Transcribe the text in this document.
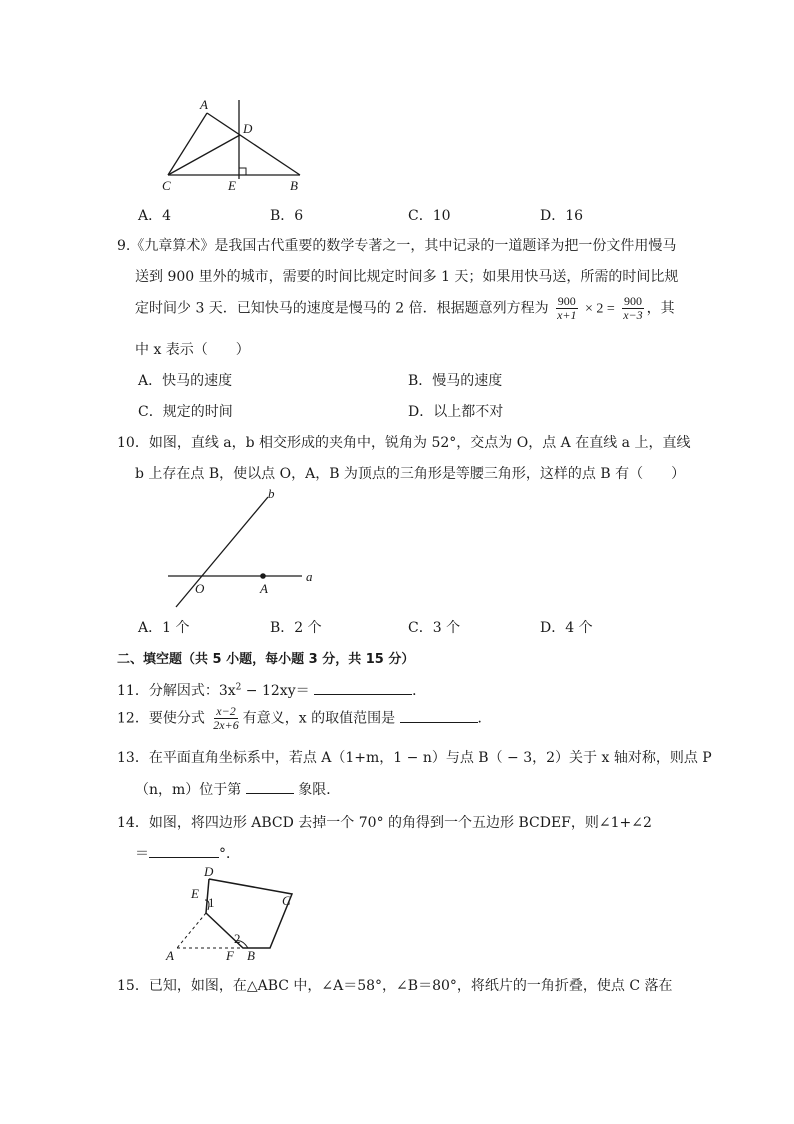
A
D
C	E	B
A．4	B．6	C．10	D．16
9.《九章算术》是我国古代重要的数学专著之一，其中记录的一道题译为把一份文件用慢马
送到 900 里外的城市，需要的时间比规定时间多 1 天；如果用快马送，所需的时间比规
定时间少 3 天．已知快马的速度是慢马的 2 倍．根据题意列方程为 $\frac{900}{x+1} \times 2 = \frac{900}{x-3}$ ，其
中 x 表示（　　）
A．快马的速度	B．慢马的速度
C．规定的时间	D．以上都不对
10．如图，直线 a，b 相交形成的夹角中，锐角为 52°，交点为 O，点 A 在直线 a 上，直线
b 上存在点 B，使以点 O，A，B 为顶点的三角形是等腰三角形，这样的点 B 有（　　）
b
a
O	A
A．1 个	B．2 个	C．3 个	D．4 个
二、填空题（共 5 小题，每小题 3 分，共 15 分）
11．分解因式：$3x^2 - 12xy=$	．
12．要使分式 $\frac{x-2}{2x+6}$ 有意义，x 的取值范围是	．
13．在平面直角坐标系中，若点 A（1+m，1 − n）与点 B（ − 3，2）关于 x 轴对称，则点 P
（n，m）位于第	象限．
14．如图，将四边形 ABCD 去掉一个 70° 的角得到一个五边形 BCDEF，则∠1+∠2
＝	°．
D
E
1	C
2
A	F B
15．已知，如图，在△ABC 中，∠A＝58°，∠B＝80°，将纸片的一角折叠，使点 C 落在
